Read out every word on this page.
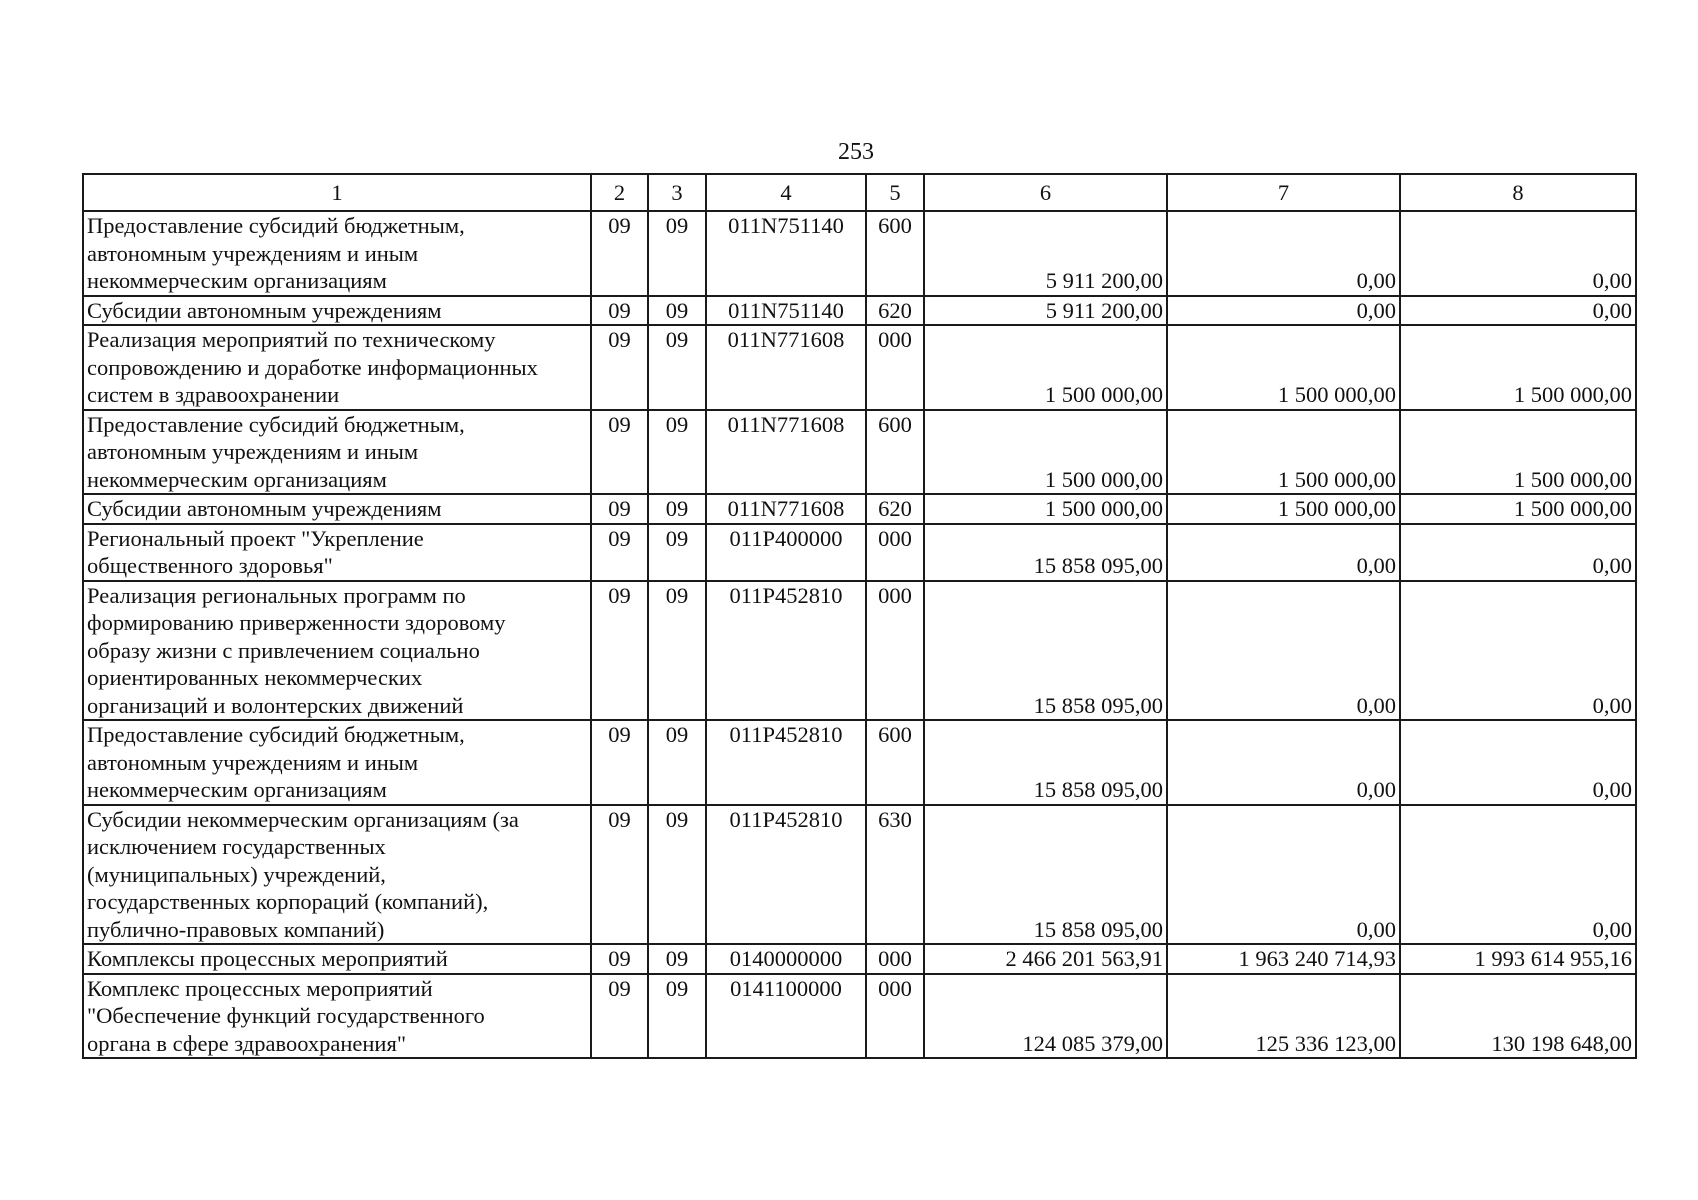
253
1	2	3	4	5	6	7	8
Предоставление субсидий бюджетным,
автономным учреждениям и иным
некоммерческим организациям	09	09	011N751140	600	5 911 200,00	0,00	0,00
Субсидии автономным учреждениям	09	09	011N751140	620	5 911 200,00	0,00	0,00
Реализация мероприятий по техническому
сопровождению и доработке информационных
систем в здравоохранении	09	09	011N771608	000	1 500 000,00	1 500 000,00	1 500 000,00
Предоставление субсидий бюджетным,
автономным учреждениям и иным
некоммерческим организациям	09	09	011N771608	600	1 500 000,00	1 500 000,00	1 500 000,00
Субсидии автономным учреждениям	09	09	011N771608	620	1 500 000,00	1 500 000,00	1 500 000,00
Региональный проект "Укрепление
общественного здоровья"	09	09	011P400000	000	15 858 095,00	0,00	0,00
Реализация региональных программ по
формированию приверженности здоровому
образу жизни с привлечением социально
ориентированных некоммерческих
организаций и волонтерских движений	09	09	011P452810	000	15 858 095,00	0,00	0,00
Предоставление субсидий бюджетным,
автономным учреждениям и иным
некоммерческим организациям	09	09	011P452810	600	15 858 095,00	0,00	0,00
Субсидии некоммерческим организациям (за
исключением государственных
(муниципальных) учреждений,
государственных корпораций (компаний),
публично-правовых компаний)	09	09	011P452810	630	15 858 095,00	0,00	0,00
Комплексы процессных мероприятий	09	09	0140000000	000	2 466 201 563,91	1 963 240 714,93	1 993 614 955,16
Комплекс процессных мероприятий
"Обеспечение функций государственного
органа в сфере здравоохранения"	09	09	0141100000	000	124 085 379,00	125 336 123,00	130 198 648,00
